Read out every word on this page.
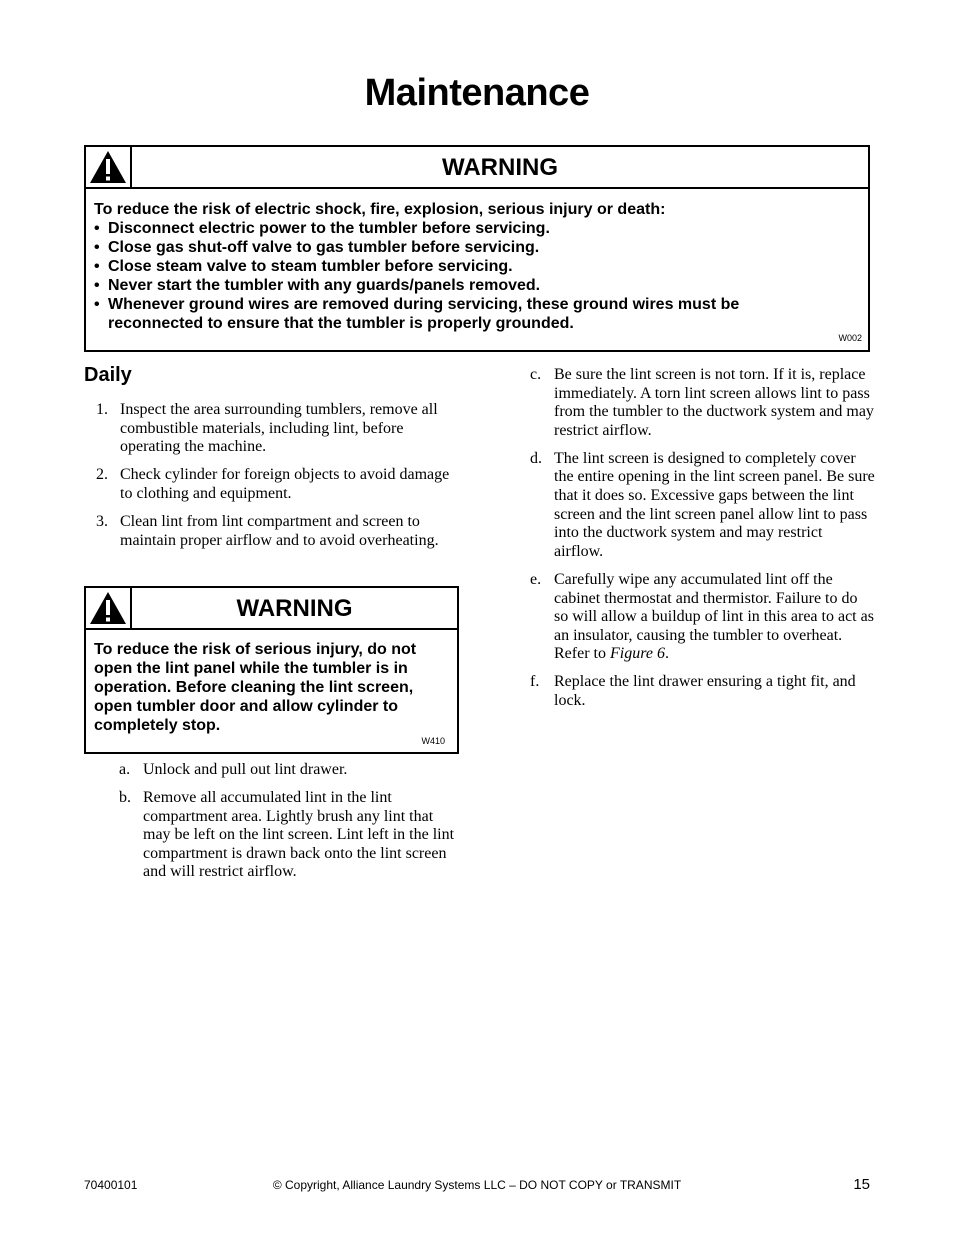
Maintenance
WARNING
To reduce the risk of electric shock, fire, explosion, serious injury or death:
• Disconnect electric power to the tumbler before servicing.
• Close gas shut-off valve to gas tumbler before servicing.
• Close steam valve to steam tumbler before servicing.
• Never start the tumbler with any guards/panels removed.
• Whenever ground wires are removed during servicing, these ground wires must be reconnected to ensure that the tumbler is properly grounded.
W002
Daily
1. Inspect the area surrounding tumblers, remove all combustible materials, including lint, before operating the machine.
2. Check cylinder for foreign objects to avoid damage to clothing and equipment.
3. Clean lint from lint compartment and screen to maintain proper airflow and to avoid overheating.
WARNING
To reduce the risk of serious injury, do not open the lint panel while the tumbler is in operation. Before cleaning the lint screen, open tumbler door and allow cylinder to completely stop.
W410
a. Unlock and pull out lint drawer.
b. Remove all accumulated lint in the lint compartment area. Lightly brush any lint that may be left on the lint screen. Lint left in the lint compartment is drawn back onto the lint screen and will restrict airflow.
c. Be sure the lint screen is not torn. If it is, replace immediately. A torn lint screen allows lint to pass from the tumbler to the ductwork system and may restrict airflow.
d. The lint screen is designed to completely cover the entire opening in the lint screen panel. Be sure that it does so. Excessive gaps between the lint screen and the lint screen panel allow lint to pass into the ductwork system and may restrict airflow.
e. Carefully wipe any accumulated lint off the cabinet thermostat and thermistor. Failure to do so will allow a buildup of lint in this area to act as an insulator, causing the tumbler to overheat. Refer to Figure 6.
f. Replace the lint drawer ensuring a tight fit, and lock.
70400101	© Copyright, Alliance Laundry Systems LLC – DO NOT COPY or TRANSMIT	15
